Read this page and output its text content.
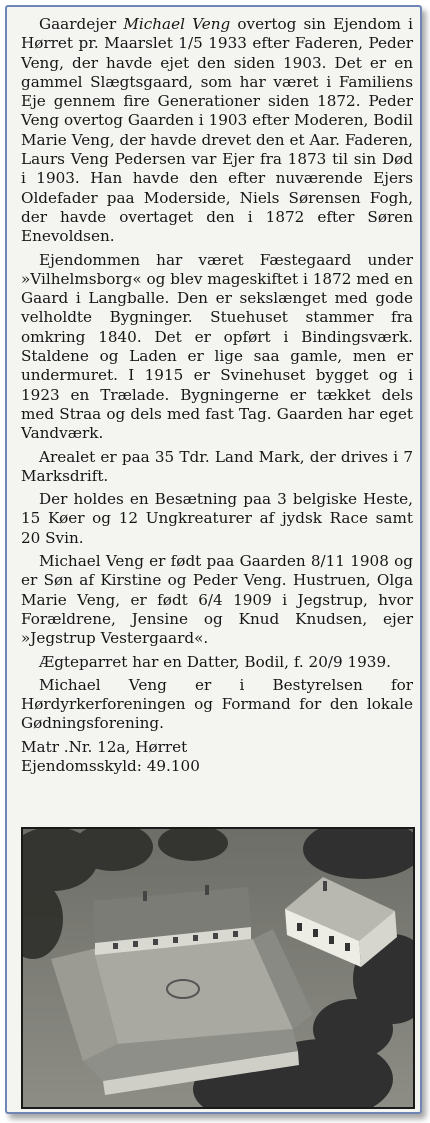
Gaardejer Michael Veng overtog sin Ejendom i Hørret pr. Maarslet 1/5 1933 efter Faderen, Peder Veng, der havde ejet den siden 1903. Det er en gammel Slægtsgaard, som har været i Familiens Eje gennem fire Generationer siden 1872. Peder Veng overtog Gaarden i 1903 efter Moderen, Bodil Marie Veng, der havde drevet den et Aar. Faderen, Laurs Veng Pedersen var Ejer fra 1873 til sin Død i 1903. Han havde den efter nuværende Ejers Oldefader paa Moderside, Niels Sørensen Fogh, der havde overtaget den i 1872 efter Søren Enevoldsen.

Ejendommen har været Fæstegaard under »Vilhelmsborg« og blev mageskiftet i 1872 med en Gaard i Langballe. Den er sekslænget med gode velholdte Bygninger. Stuehuset stammer fra omkring 1840. Det er opført i Bindingsværk. Staldene og Laden er lige saa gamle, men er undermuret. I 1915 er Svinehuset bygget og i 1923 en Trælade. Bygningerne er tækket dels med Straa og dels med fast Tag. Gaarden har eget Vandværk.

Arealet er paa 35 Tdr. Land Mark, der drives i 7 Marksdrift.

Der holdes en Besætning paa 3 belgiske Heste, 15 Køer og 12 Ungkreaturer af jydsk Race samt 20 Svin.

Michael Veng er født paa Gaarden 8/11 1908 og er Søn af Kirstine og Peder Veng. Hustruen, Olga Marie Veng, er født 6/4 1909 i Jegstrup, hvor Forældrene, Jensine og Knud Knudsen, ejer »Jegstrup Vestergaard«.

Ægteparret har en Datter, Bodil, f. 20/9 1939.

Michael Veng er i Bestyrelsen for Hørdyrkerforeningen og Formand for den lokale Gødningsforening.

Matr .Nr. 12a, Hørret

Ejendomsskyld: 49.100
